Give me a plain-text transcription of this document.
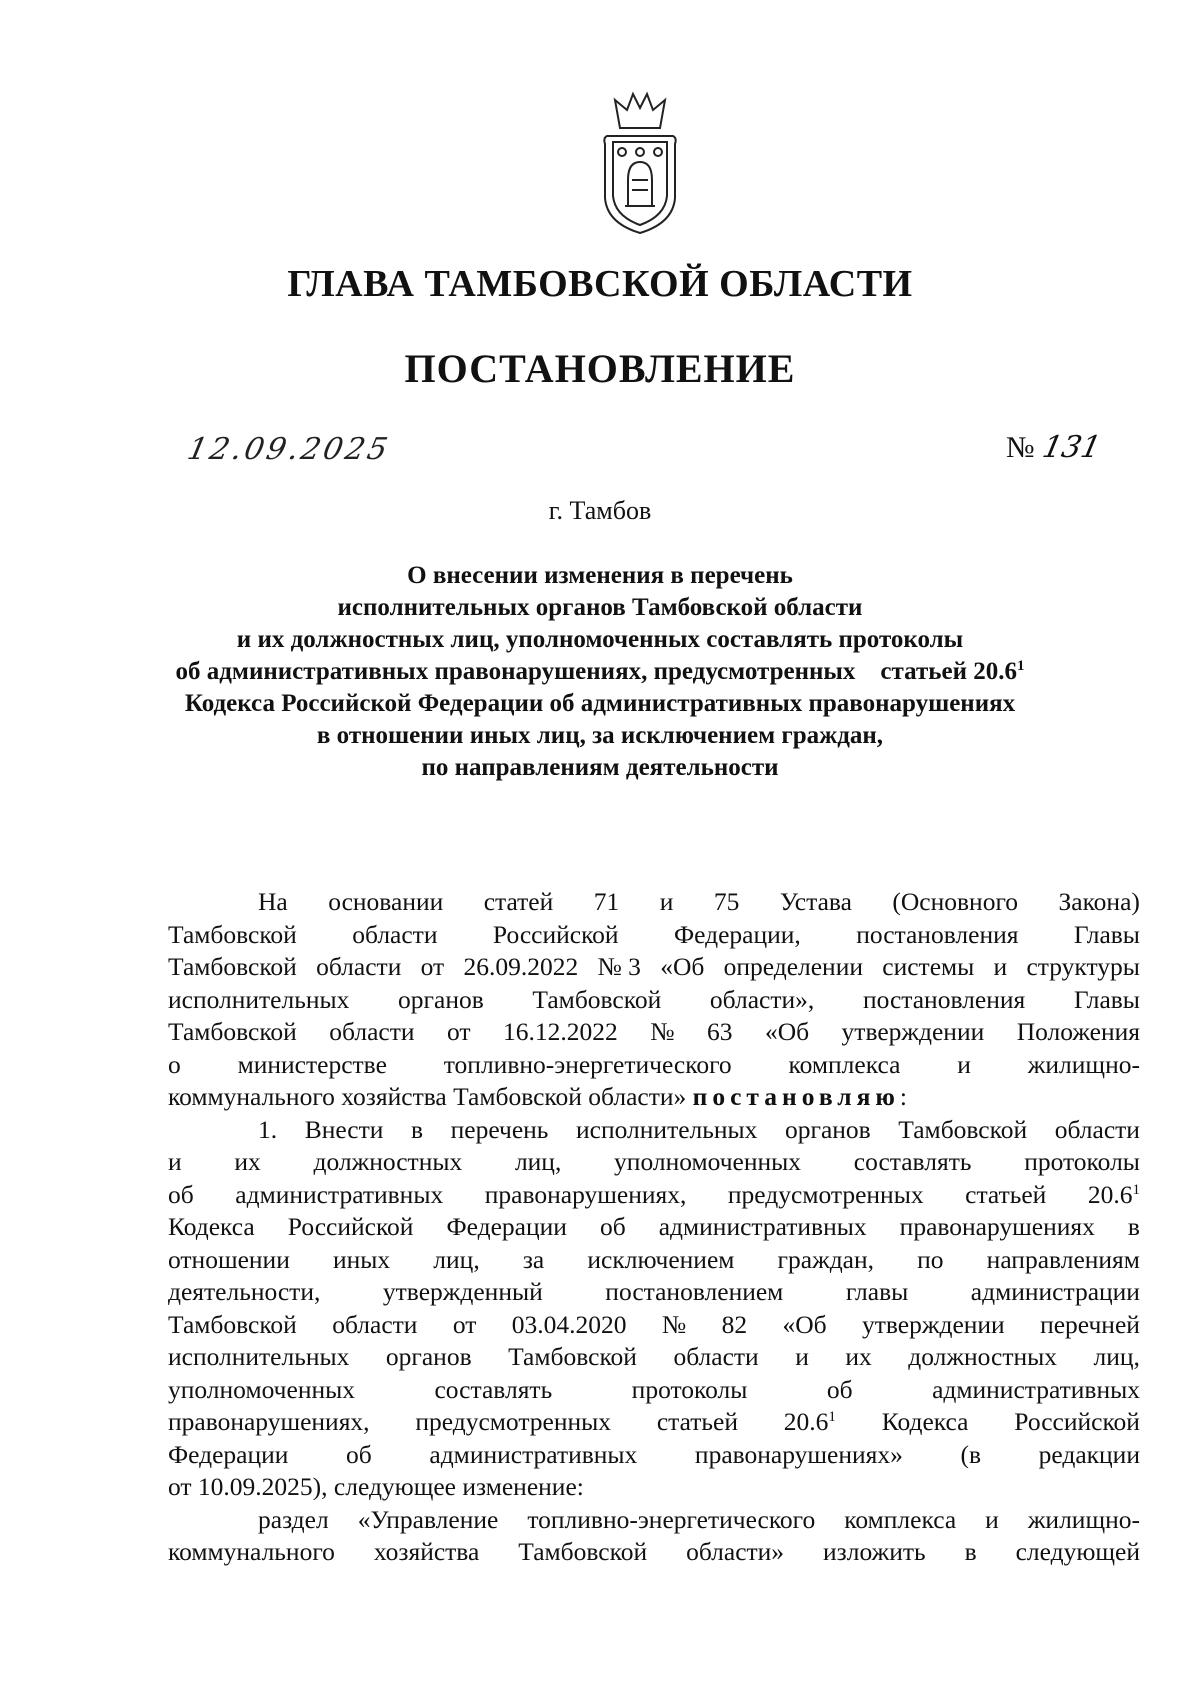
ГЛАВА ТАМБОВСКОЙ ОБЛАСТИ
ПОСТАНОВЛЕНИЕ
12.09.2025	№ 131
г. Тамбов
О внесении изменения в перечень
исполнительных органов Тамбовской области
и их должностных лиц, уполномоченных составлять протоколы
об административных правонарушениях, предусмотренных    статьей 20.6$^1$
Кодекса Российской Федерации об административных правонарушениях
в отношении иных лиц, за исключением граждан,
по направлениям деятельности
На основании статей 71 и 75 Устава (Основного Закона)
Тамбовской области Российской Федерации, постановления Главы
Тамбовской области от 26.09.2022 № 3 «Об определении системы и структуры
исполнительных органов Тамбовской области», постановления Главы
Тамбовской области от 16.12.2022 № 63 «Об утверждении Положения
о министерстве топливно-энергетического комплекса и жилищно-
коммунального хозяйства Тамбовской области» постановляю :
1. Внести в перечень исполнительных органов Тамбовской области
и их должностных лиц, уполномоченных составлять протоколы
об административных правонарушениях, предусмотренных статьей 20.6$^1$
Кодекса Российской Федерации об административных правонарушениях в
отношении иных лиц, за исключением граждан, по направлениям
деятельности, утвержденный постановлением главы администрации
Тамбовской области от 03.04.2020 № 82 «Об утверждении перечней
исполнительных органов Тамбовской области и их должностных лиц,
уполномоченных	составлять	протоколы	об	административных
правонарушениях, предусмотренных статьей 20.6$^1$ Кодекса Российской
Федерации об административных правонарушениях» (в редакции
от 10.09.2025), следующее изменение:
раздел «Управление топливно-энергетического комплекса и жилищно-
коммунального хозяйства Тамбовской области» изложить в следующей
